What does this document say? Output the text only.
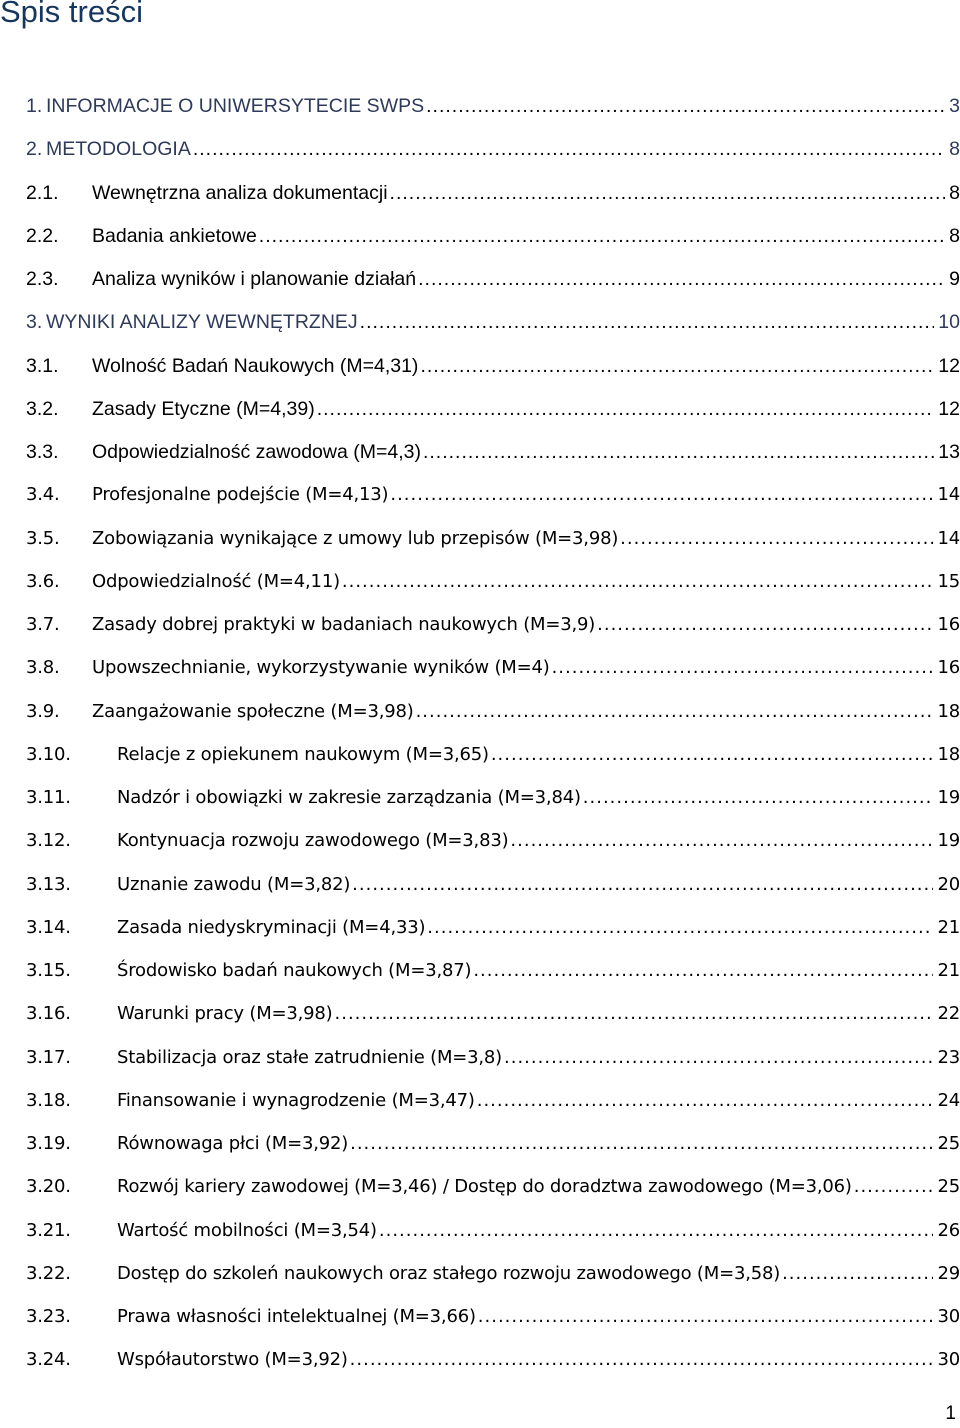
Spis treści
1. INFORMACJE O UNIWERSYTECIE SWPS .....	3
2. METODOLOGIA .....	8
2.1.	Wewnętrzna analiza dokumentacji .....	8
2.2.	Badania ankietowe .....	8
2.3.	Analiza wyników i planowanie działań .....	9
3. WYNIKI ANALIZY WEWNĘTRZNEJ .....	10
3.1.	Wolność Badań Naukowych (M=4,31) .....	12
3.2.	Zasady Etyczne (M=4,39) .....	12
3.3.	Odpowiedzialność zawodowa (M=4,3) .....	13
3.4.	Profesjonalne podejście (M=4,13) .....	14
3.5.	Zobowiązania wynikające z umowy lub przepisów (M=3,98) .....	14
3.6.	Odpowiedzialność (M=4,11) .....	15
3.7.	Zasady dobrej praktyki w badaniach naukowych (M=3,9) .....	16
3.8.	Upowszechnianie, wykorzystywanie wyników (M=4) .....	16
3.9.	Zaangażowanie społeczne (M=3,98) .....	18
3.10.	Relacje z opiekunem naukowym (M=3,65) .....	18
3.11.	Nadzór i obowiązki w zakresie zarządzania (M=3,84) .....	19
3.12.	Kontynuacja rozwoju zawodowego (M=3,83) .....	19
3.13.	Uznanie zawodu (M=3,82) .....	20
3.14.	Zasada niedyskryminacji (M=4,33) .....	21
3.15.	Środowisko badań naukowych (M=3,87) .....	21
3.16.	Warunki pracy (M=3,98) .....	22
3.17.	Stabilizacja oraz stałe zatrudnienie (M=3,8) .....	23
3.18.	Finansowanie i wynagrodzenie (M=3,47) .....	24
3.19.	Równowaga płci (M=3,92) .....	25
3.20.	Rozwój kariery zawodowej (M=3,46) / Dostęp do doradztwa zawodowego (M=3,06) .....	25
3.21.	Wartość mobilności (M=3,54) .....	26
3.22.	Dostęp do szkoleń naukowych oraz stałego rozwoju zawodowego (M=3,58) .....	29
3.23.	Prawa własności intelektualnej (M=3,66) .....	30
3.24.	Współautorstwo (M=3,92) .....	30
1
